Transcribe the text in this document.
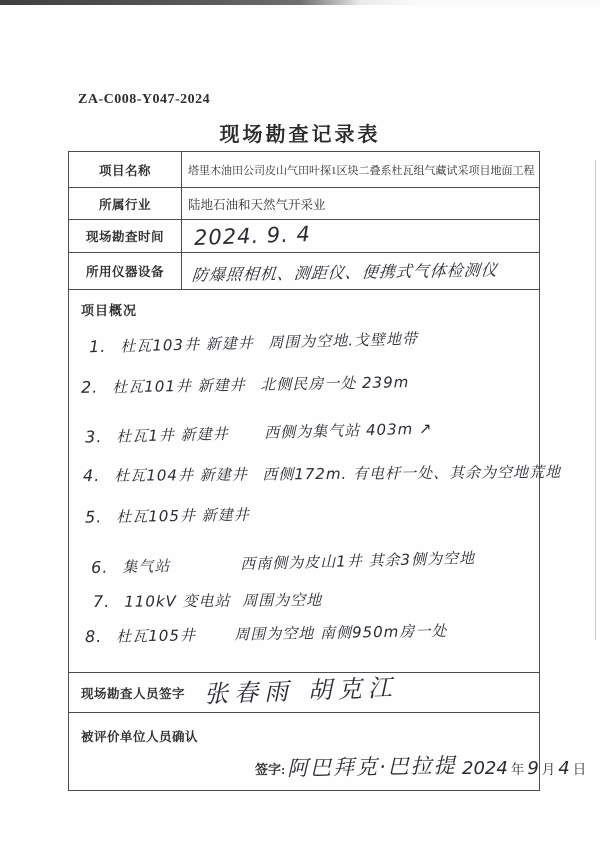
ZA-C008-Y047-2024
现场勘查记录表
项目名称	塔里木油田公司皮山气田叶探1区块二叠系杜瓦组气藏试采项目地面工程
所属行业	陆地石油和天然气开采业
现场勘查时间	2024. 9. 4
所用仪器设备	防爆照相机、测距仪、便携式气体检测仪
项目概况
1. 杜瓦103井 新建井 周围为空地.戈壁地带
2. 杜瓦101井 新建井 北侧民房一处 239m
3. 杜瓦1井 新建井	西侧为集气站 403m ↗
4. 杜瓦104井 新建井 西侧172m. 有电杆一处、其余为空地荒地
5. 杜瓦105井 新建井
6. 集气站	西南侧为皮山1井 其余3侧为空地
7. 110kV 变电站 周围为空地
8. 杜瓦105井	周围为空地 南侧950m房一处
现场勘查人员签字 张春雨 胡克江
被评价单位人员确认
签字: 阿巴拜克·巴拉提 2024 年 9 月 4 日
